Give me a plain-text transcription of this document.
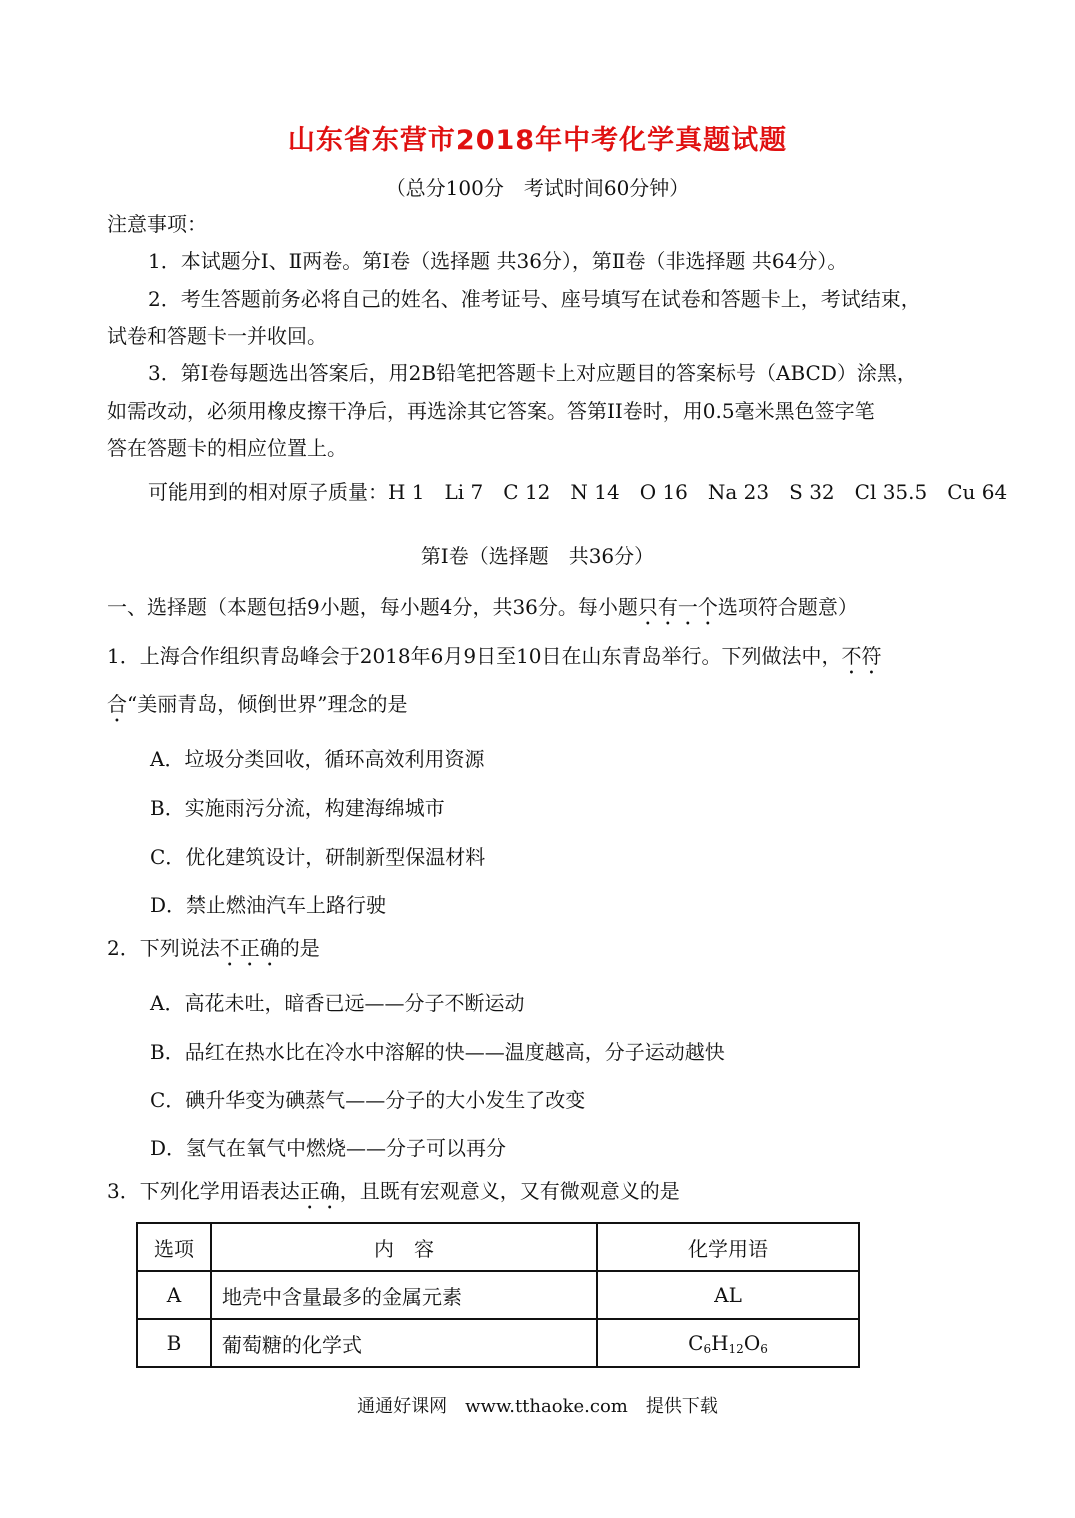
山东省东营市2018年中考化学真题试题
（总分100分　考试时间60分钟）
注意事项：
1．本试题分Ⅰ、Ⅱ两卷。第Ⅰ卷（选择题 共36分），第Ⅱ卷（非选择题 共64分）。
2．考生答题前务必将自己的姓名、准考证号、座号填写在试卷和答题卡上，考试结束，
试卷和答题卡一并收回。
3．第Ⅰ卷每题选出答案后，用2B铅笔把答题卡上对应题目的答案标号（ABCD）涂黑，
如需改动，必须用橡皮擦干净后，再选涂其它答案。答第II卷时，用0.5毫米黑色签字笔
答在答题卡的相应位置上。
可能用到的相对原子质量：H 1　Li 7　C 12　N 14　O 16　Na 23　S 32　Cl 35.5　Cu 64
第Ⅰ卷（选择题　共36分）
一、选择题（本题包括9小题，每小题4分，共36分。每小题只有一个选项符合题意）
1．上海合作组织青岛峰会于2018年6月9日至10日在山东青岛举行。下列做法中，不符
合“美丽青岛，倾倒世界”理念的是
A．垃圾分类回收，循环高效利用资源
B．实施雨污分流，构建海绵城市
C．优化建筑设计，研制新型保温材料
D．禁止燃油汽车上路行驶
2．下列说法不正确的是
A．高花未吐，暗香已远——分子不断运动
B．品红在热水比在冷水中溶解的快——温度越高，分子运动越快
C．碘升华变为碘蒸气——分子的大小发生了改变
D．氢气在氧气中燃烧——分子可以再分
3．下列化学用语表达正确，且既有宏观意义，又有微观意义的是
选项	内　容	化学用语
A	地壳中含量最多的金属元素	AL
B	葡萄糖的化学式	$C_6H_{12}O_6$
通通好课网　www.tthaoke.com　提供下载
